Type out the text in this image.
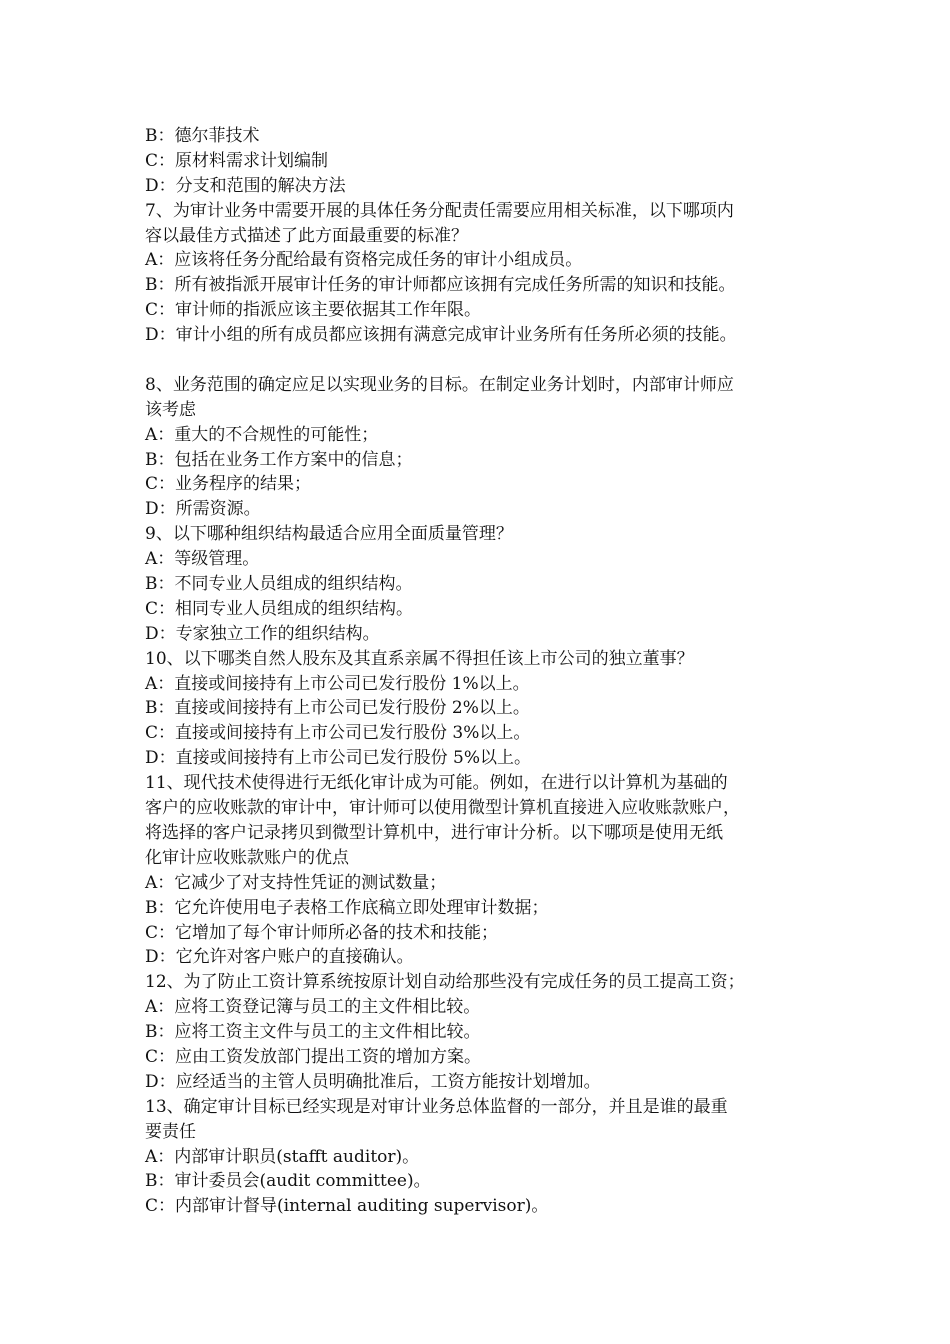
B：德尔菲技术
C：原材料需求计划编制
D：分支和范围的解决方法
7、为审计业务中需要开展的具体任务分配责任需要应用相关标准，以下哪项内
容以最佳方式描述了此方面最重要的标准？
A：应该将任务分配给最有资格完成任务的审计小组成员。
B：所有被指派开展审计任务的审计师都应该拥有完成任务所需的知识和技能。
C：审计师的指派应该主要依据其工作年限。
D：审计小组的所有成员都应该拥有满意完成审计业务所有任务所必须的技能。
8、业务范围的确定应足以实现业务的目标。在制定业务计划时，内部审计师应
该考虑
A：重大的不合规性的可能性；
B：包括在业务工作方案中的信息；
C：业务程序的结果；
D：所需资源。
9、以下哪种组织结构最适合应用全面质量管理？
A：等级管理。
B：不同专业人员组成的组织结构。
C：相同专业人员组成的组织结构。
D：专家独立工作的组织结构。
10、以下哪类自然人股东及其直系亲属不得担任该上市公司的独立董事？
A：直接或间接持有上市公司已发行股份 1%以上。
B：直接或间接持有上市公司已发行股份 2%以上。
C：直接或间接持有上市公司已发行股份 3%以上。
D：直接或间接持有上市公司已发行股份 5%以上。
11、现代技术使得进行无纸化审计成为可能。例如，在进行以计算机为基础的
客户的应收账款的审计中，审计师可以使用微型计算机直接进入应收账款账户，
将选择的客户记录拷贝到微型计算机中，进行审计分析。以下哪项是使用无纸
化审计应收账款账户的优点
A：它减少了对支持性凭证的测试数量；
B：它允许使用电子表格工作底稿立即处理审计数据；
C：它增加了每个审计师所必备的技术和技能；
D：它允许对客户账户的直接确认。
12、为了防止工资计算系统按原计划自动给那些没有完成任务的员工提高工资；
A：应将工资登记簿与员工的主文件相比较。
B：应将工资主文件与员工的主文件相比较。
C：应由工资发放部门提出工资的增加方案。
D：应经适当的主管人员明确批准后，工资方能按计划增加。
13、确定审计目标已经实现是对审计业务总体监督的一部分，并且是谁的最重
要责任
A：内部审计职员(stafft auditor)。
B：审计委员会(audit committee)。
C：内部审计督导(internal auditing supervisor)。
